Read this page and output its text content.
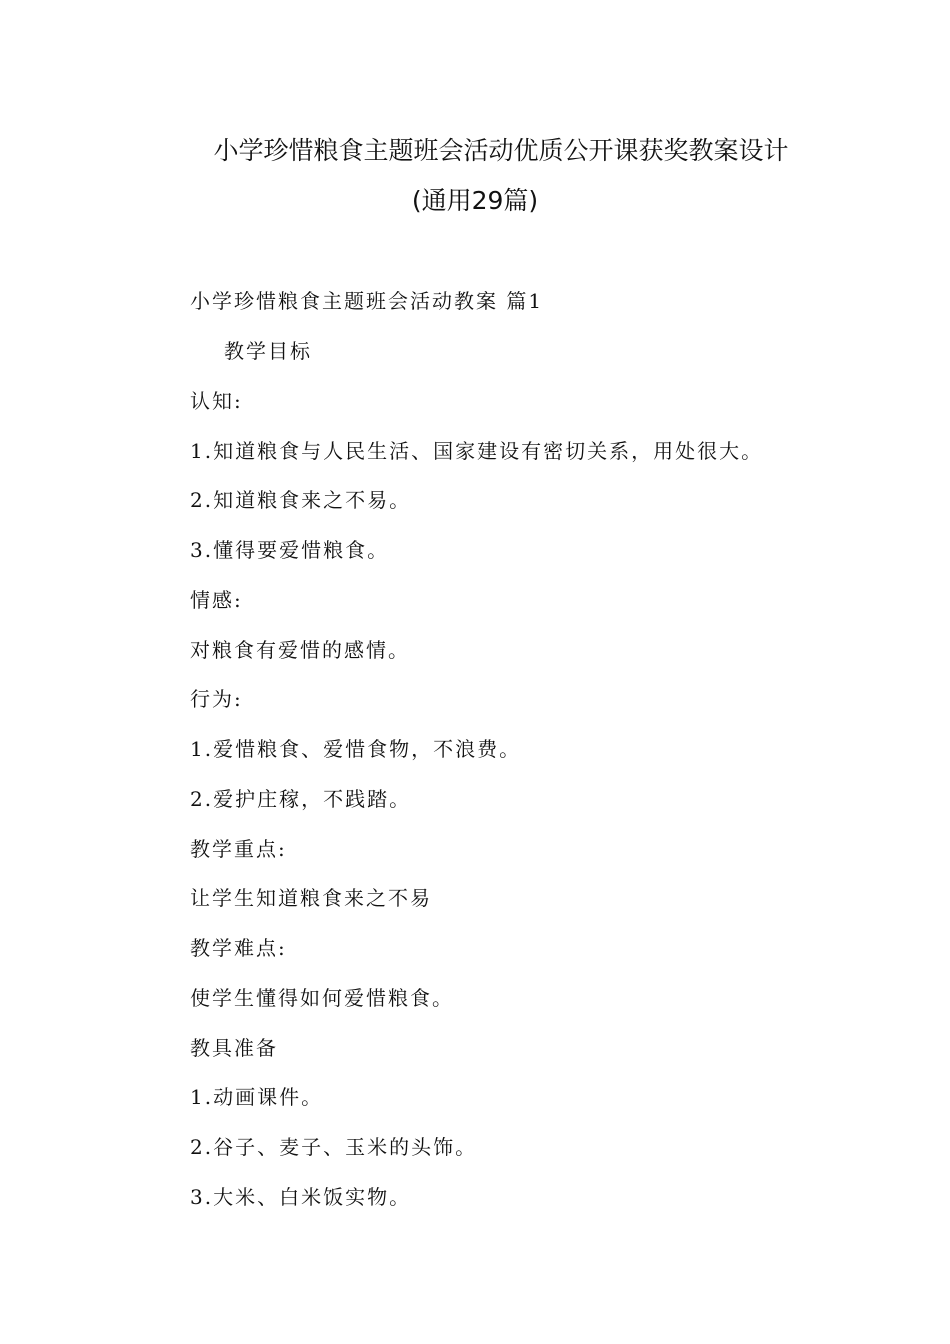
小学珍惜粮食主题班会活动优质公开课获奖教案设计
(通用29篇)
小学珍惜粮食主题班会活动教案 篇1
教学目标
认知:
1.知道粮食与人民生活、国家建设有密切关系，用处很大。
2.知道粮食来之不易。
3.懂得要爱惜粮食。
情感:
对粮食有爱惜的感情。
行为:
1.爱惜粮食、爱惜食物，不浪费。
2.爱护庄稼，不践踏。
教学重点:
让学生知道粮食来之不易
教学难点:
使学生懂得如何爱惜粮食。
教具准备
1.动画课件。
2.谷子、麦子、玉米的头饰。
3.大米、白米饭实物。
